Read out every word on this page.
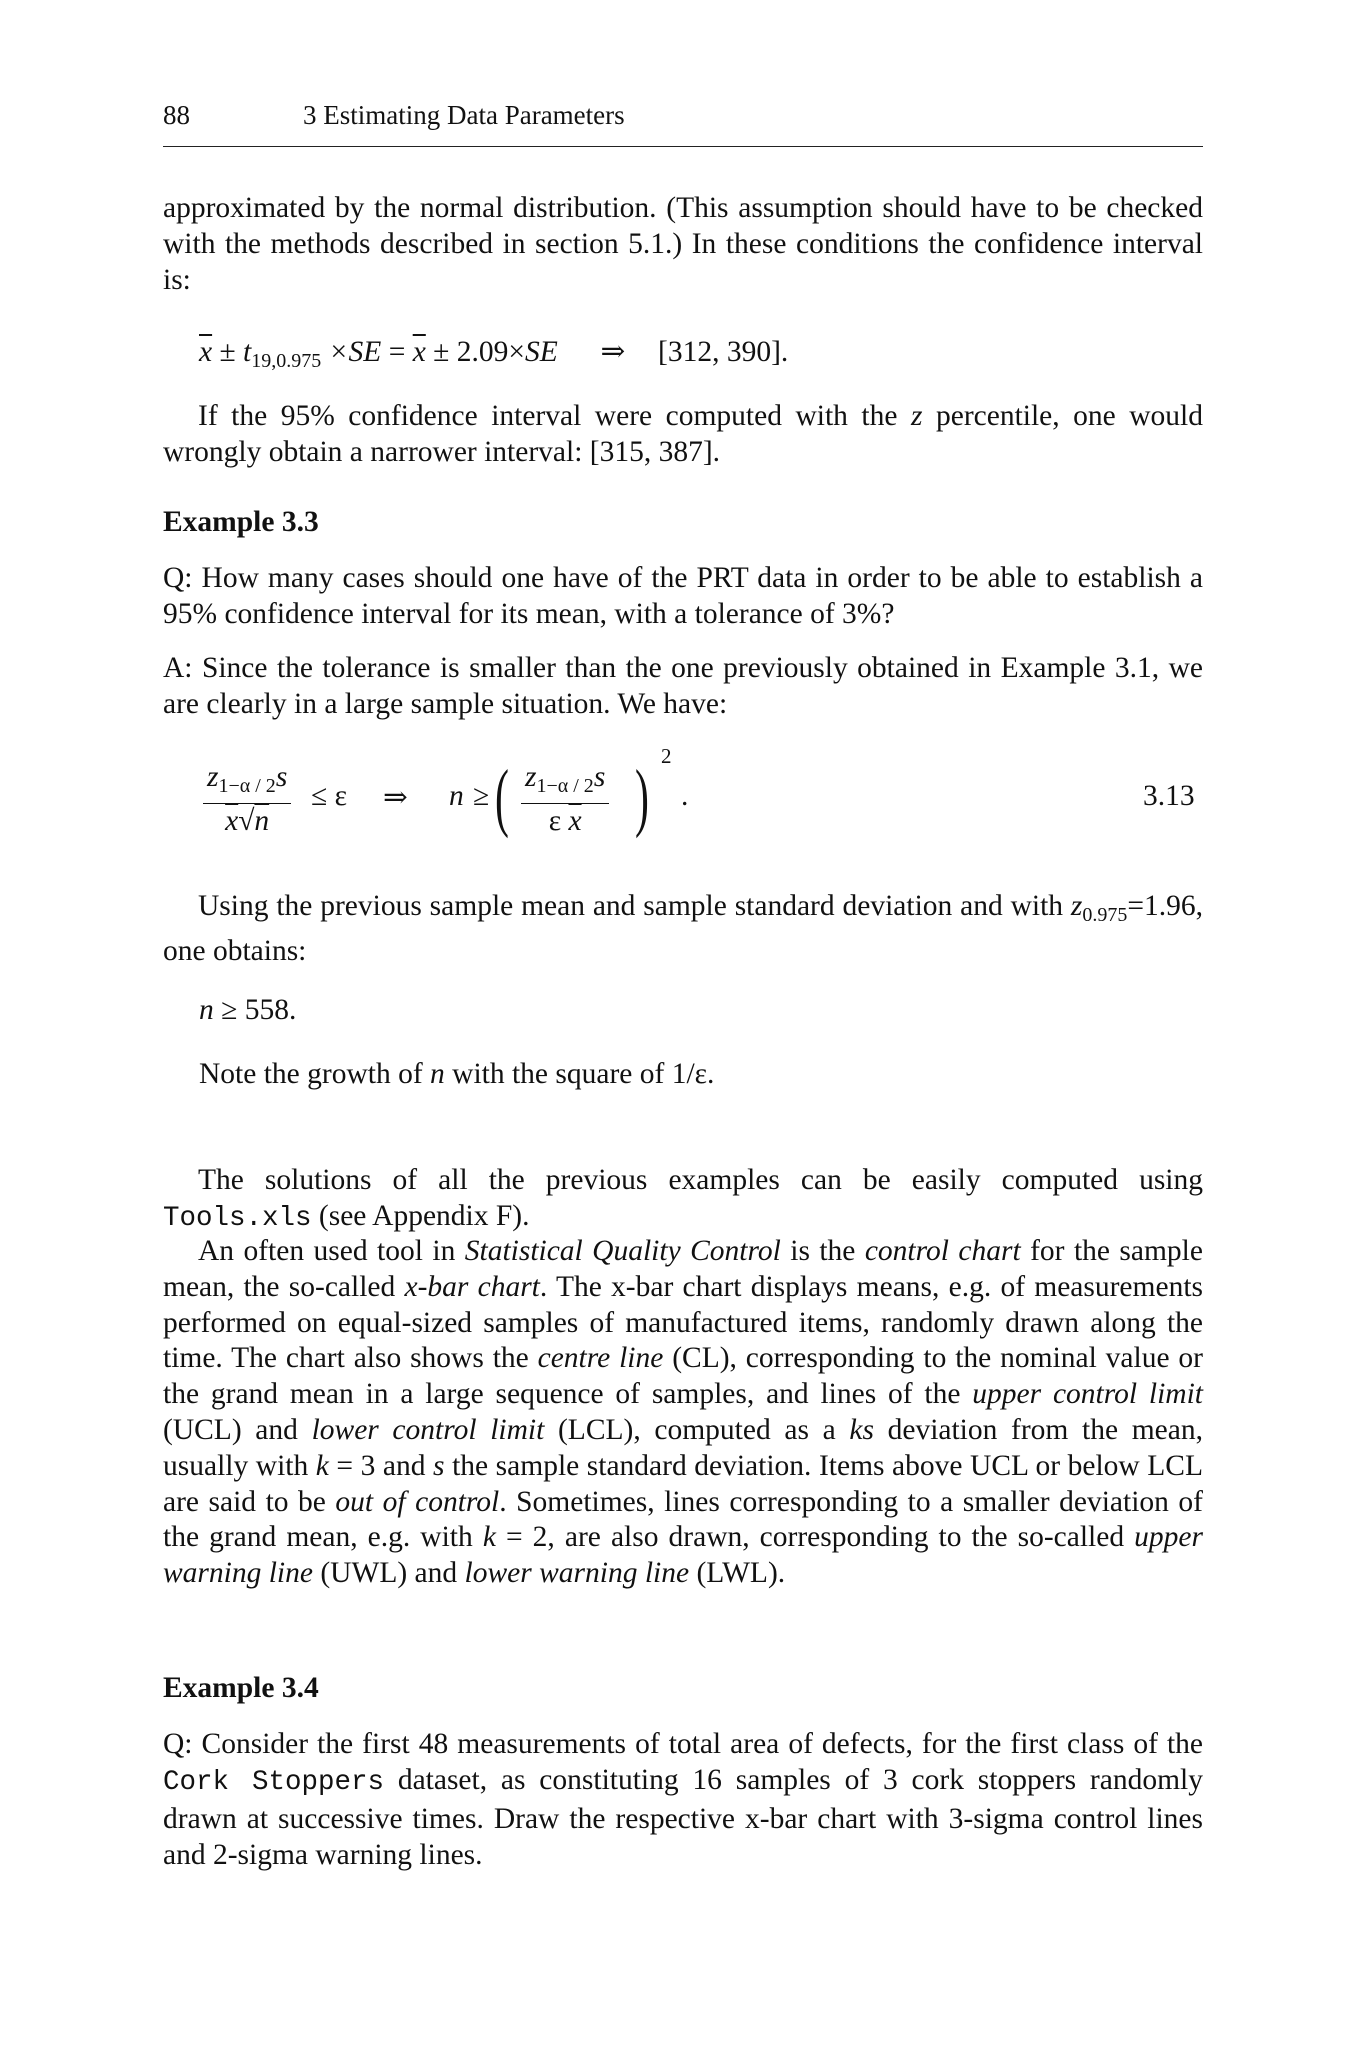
88	3 Estimating Data Parameters

approximated by the normal distribution. (This assumption should have to be checked with the methods described in section 5.1.) In these conditions the confidence interval is:

$\overline{x} \pm t_{19,0.975} \times SE = \overline{x} \pm 2.09\times SE$ ⇒ [312, 390].

If the 95% confidence interval were computed with the z percentile, one would wrongly obtain a narrower interval: [315, 387].

Example 3.3

Q: How many cases should one have of the PRT data in order to be able to establish a 95% confidence interval for its mean, with a tolerance of 3%?

A: Since the tolerance is smaller than the one previously obtained in Example 3.1, we are clearly in a large sample situation. We have:

$\frac{z_{1-\alpha / 2}s}{\overline{x}√n} \le \varepsilon$ ⇒ n ≥ ( $\frac{z_{1-\alpha / 2}s}{\varepsilon \overline{x}}$ ) 2
.	3.13

Using the previous sample mean and sample standard deviation and with $z_{0.975}=1.96$, one obtains:

n ≥ 558.
Note the growth of n with the square of 1/ε.

The solutions of all the previous examples can be easily computed using Tools.xls (see Appendix F).

An often used tool in Statistical Quality Control is the control chart for the sample mean, the so-called x-bar chart. The x-bar chart displays means, e.g. of measurements performed on equal-sized samples of manufactured items, randomly drawn along the time. The chart also shows the centre line (CL), corresponding to the nominal value or the grand mean in a large sequence of samples, and lines of the upper control limit (UCL) and lower control limit (LCL), computed as a ks deviation from the mean, usually with k = 3 and s the sample standard deviation. Items above UCL or below LCL are said to be out of control. Sometimes, lines corresponding to a smaller deviation of the grand mean, e.g. with k = 2, are also drawn, corresponding to the so-called upper warning line (UWL) and lower warning line (LWL).

Example 3.4

Q: Consider the first 48 measurements of total area of defects, for the first class of the Cork Stoppers dataset, as constituting 16 samples of 3 cork stoppers randomly drawn at successive times. Draw the respective x-bar chart with 3-sigma control lines and 2-sigma warning lines.
